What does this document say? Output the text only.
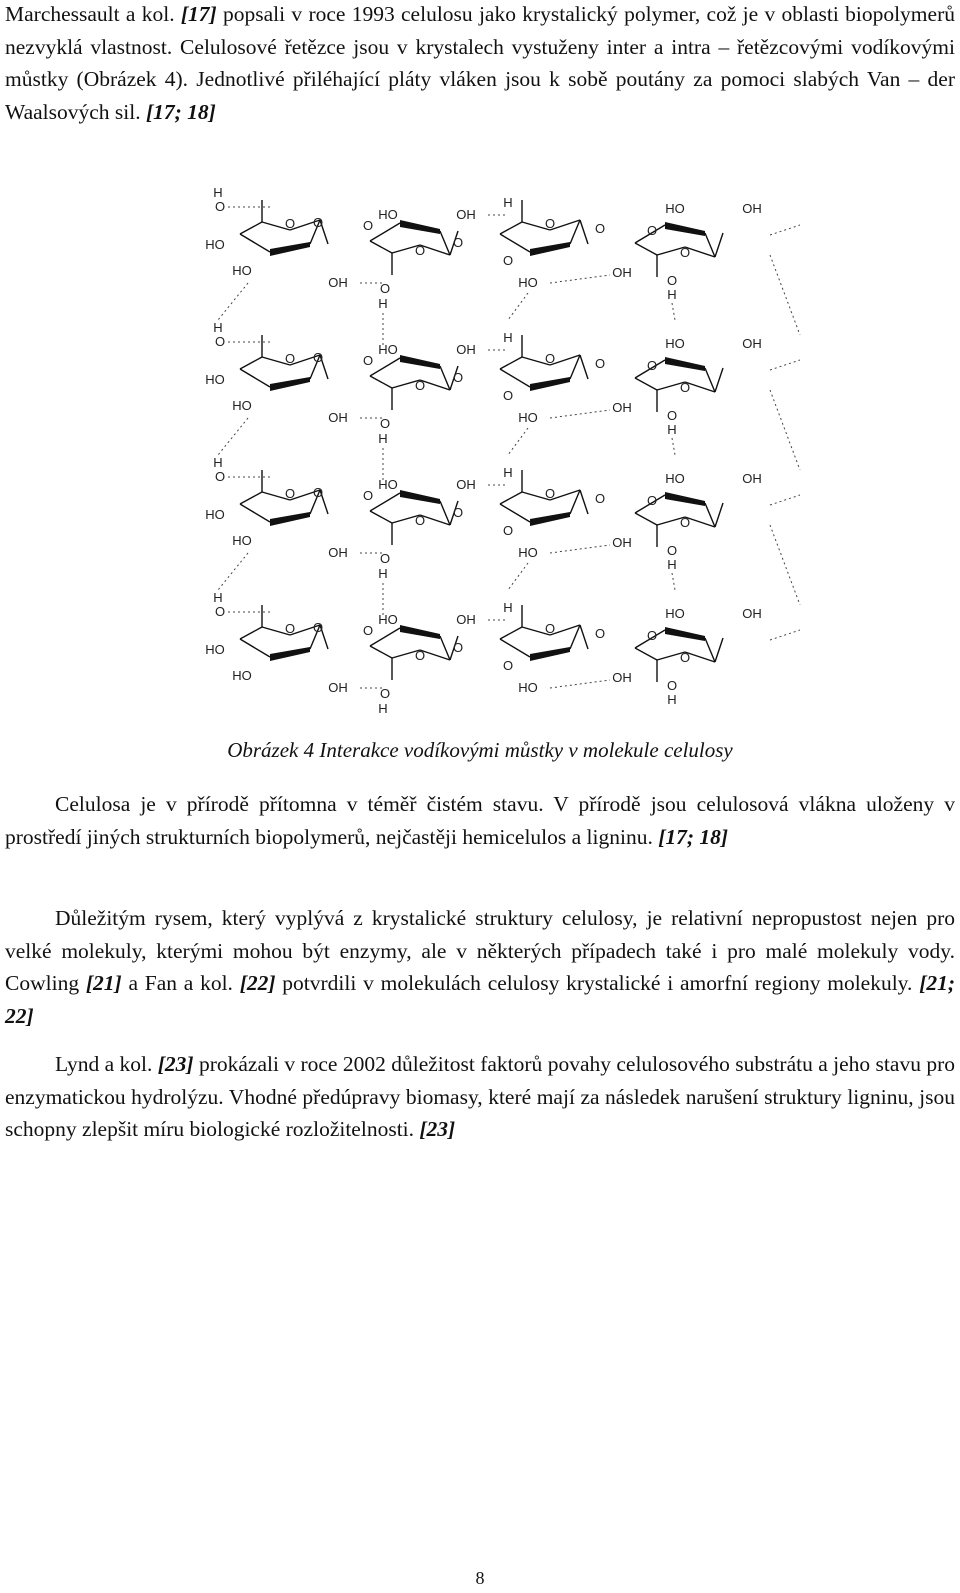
Marchessault a kol. [17] popsali v roce 1993 celulosu jako krystalický polymer, což je v oblasti biopolymerů nezvyklá vlastnost. Celulosové řetězce jsou v krystalech vystuženy inter a intra – řetězcovými vodíkovými můstky (Obrázek 4). Jednotlivé přiléhající pláty vláken jsou k sobě poutány za pomoci slabých Van – der Waalsových sil. [17; 18]

H
O
HO
HO
O
O
O
O
O	O
O
O
O	O
HO	OH
H	HO	OH
OH O
H
HO
OH
O
H
H
O
HO
HO
O
O
O
O
O	O
O
O
O	O
HO	OH
H	HO	OH
OH O
H
HO
OH
O
H
H
O
HO
HO
O
O
O
O
O	O
O
O
O	O
HO	OH
H	HO	OH
OH O
H
HO
OH
O
H
H
O
HO
HO
O
O
O
O
O	O
O
O
O	O
HO	OH
H	HO	OH
OH O
H
HO
OH
O
H
Obrázek 4 Interakce vodíkovými můstky v molekule celulosy

Celulosa je v přírodě přítomna v téměř čistém stavu. V přírodě jsou celulosová vlákna uloženy v prostředí jiných strukturních biopolymerů, nejčastěji hemicelulos a ligninu. [17; 18]

Důležitým rysem, který vyplývá z krystalické struktury celulosy, je relativní nepropustost nejen pro velké molekuly, kterými mohou být enzymy, ale v některých případech také i pro malé molekuly vody. Cowling [21] a Fan a kol. [22] potvrdili v molekulách celulosy krystalické i amorfní regiony molekuly. [21; 22]

Lynd a kol. [23] prokázali v roce 2002 důležitost faktorů povahy celulosového substrátu a jeho stavu pro enzymatickou hydrolýzu. Vhodné předúpravy biomasy, které mají za následek narušení struktury ligninu, jsou schopny zlepšit míru biologické rozložitelnosti. [23]

8
